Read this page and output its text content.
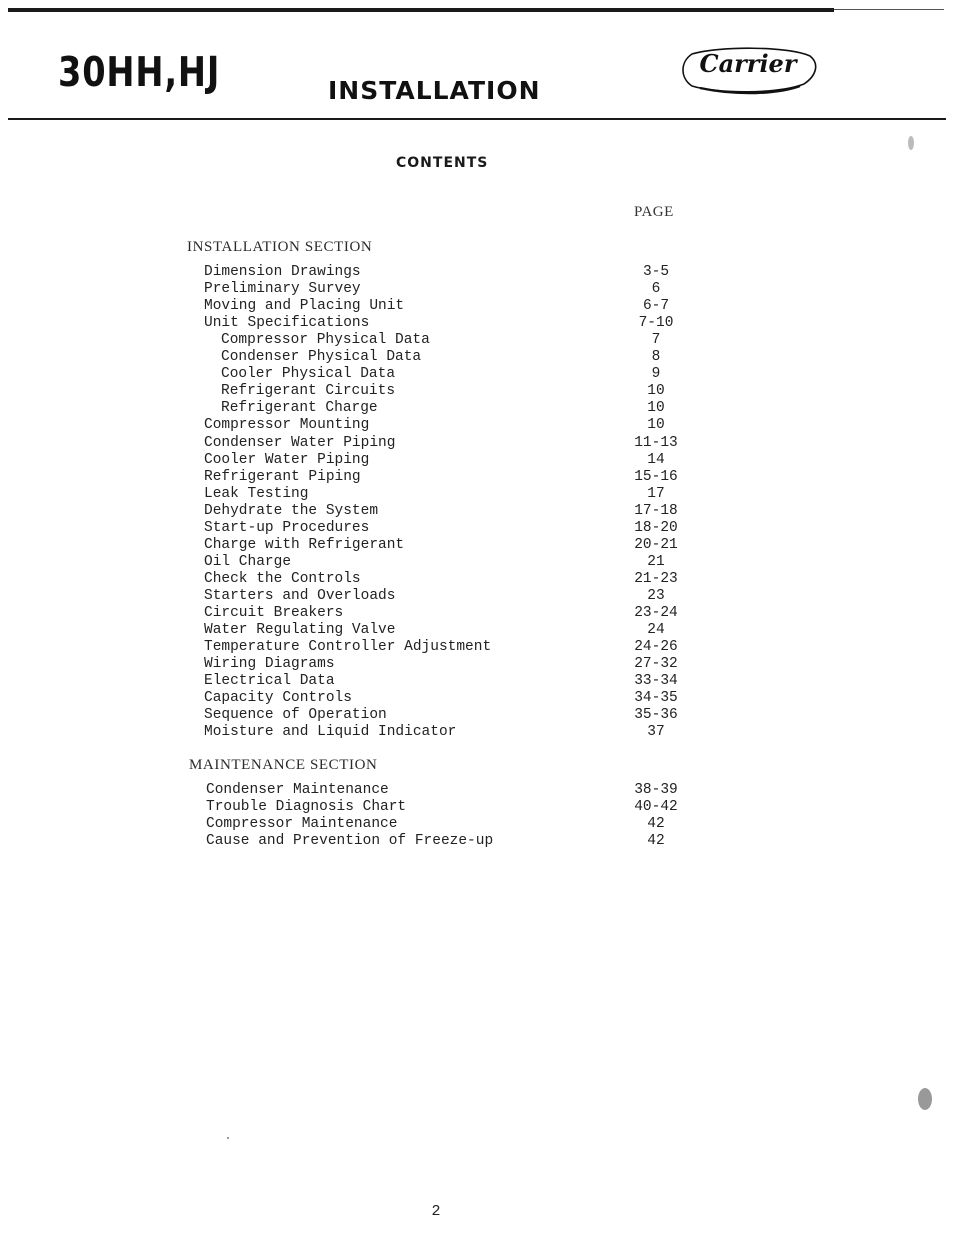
30HH,HJ	INSTALLATION
Carrier
CONTENTS
PAGE
INSTALLATION SECTION
Dimension Drawings	3-5
Preliminary Survey	6
Moving and Placing Unit	6-7
Unit Specifications	7-10
Compressor Physical Data	7
Condenser Physical Data	8
Cooler Physical Data	9
Refrigerant Circuits	10
Refrigerant Charge	10
Compressor Mounting	10
Condenser Water Piping	11-13
Cooler Water Piping	14
Refrigerant Piping	15-16
Leak Testing	17
Dehydrate the System	17-18
Start-up Procedures	18-20
Charge with Refrigerant	20-21
Oil Charge	21
Check the Controls	21-23
Starters and Overloads	23
Circuit Breakers	23-24
Water Regulating Valve	24
Temperature Controller Adjustment	24-26
Wiring Diagrams	27-32
Electrical Data	33-34
Capacity Controls	34-35
Sequence of Operation	35-36
Moisture and Liquid Indicator	37
MAINTENANCE SECTION
Condenser Maintenance	38-39
Trouble Diagnosis Chart	40-42
Compressor Maintenance	42
Cause and Prevention of Freeze-up	42
2
